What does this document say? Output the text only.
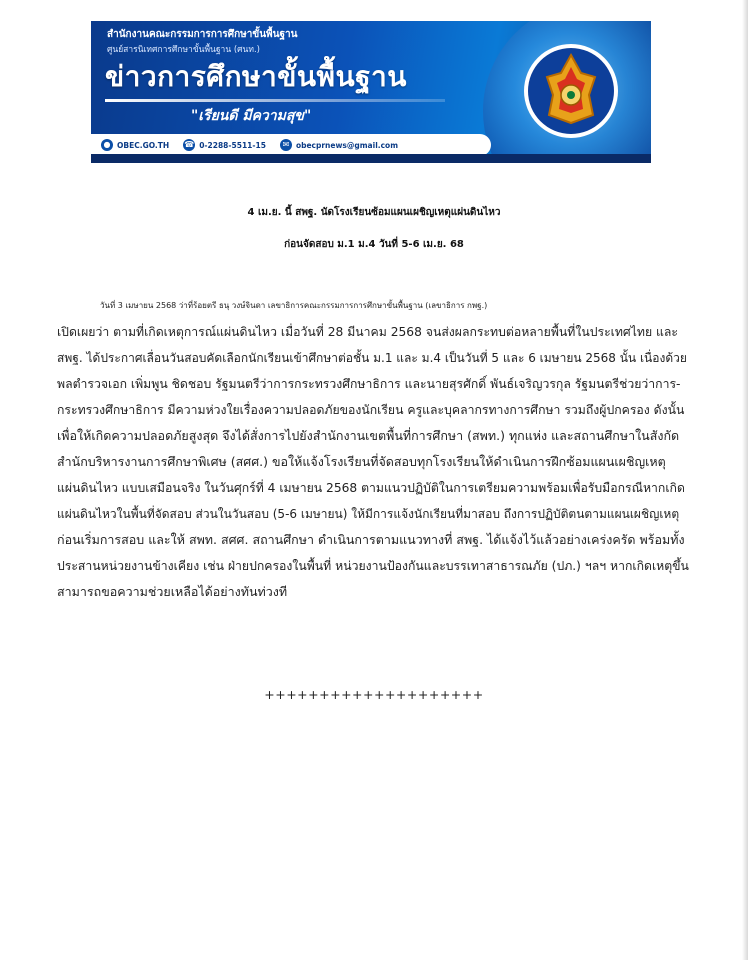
สำนักงานคณะกรรมการการศึกษาขั้นพื้นฐาน
ศูนย์สารนิเทศการศึกษาขั้นพื้นฐาน (ศนท.)
ข่าวการศึกษาขั้นพื้นฐาน
"เรียนดี มีความสุข"
● OBEC.GO.TH ☎ 0-2288-5511-15	✉ obecprnews@gmail.com
4 เม.ย. นี้ สพฐ. นัดโรงเรียนซ้อมแผนเผชิญเหตุแผ่นดินไหว
ก่อนจัดสอบ ม.1 ม.4 วันที่ 5-6 เม.ย. 68
วันที่ 3 เมษายน 2568 ว่าที่ร้อยตรี ธนุ วงษ์จินดา เลขาธิการคณะกรรมการการศึกษาขั้นพื้นฐาน (เลขาธิการ กพฐ.)
เปิดเผยว่า ตามที่เกิดเหตุการณ์แผ่นดินไหว เมื่อวันที่ 28 มีนาคม 2568 จนส่งผลกระทบต่อหลายพื้นที่ในประเทศไทย และ
สพฐ. ได้ประกาศเลื่อนวันสอบคัดเลือกนักเรียนเข้าศึกษาต่อชั้น ม.1 และ ม.4 เป็นวันที่ 5 และ 6 เมษายน 2568 นั้น เนื่องด้วย
พลตำรวจเอก เพิ่มพูน ชิดชอบ รัฐมนตรีว่าการกระทรวงศึกษาธิการ และนายสุรศักดิ์ พันธ์เจริญวรกุล รัฐมนตรีช่วยว่าการ-
กระทรวงศึกษาธิการ มีความห่วงใยเรื่องความปลอดภัยของนักเรียน ครูและบุคลากรทางการศึกษา รวมถึงผู้ปกครอง ดังนั้น
เพื่อให้เกิดความปลอดภัยสูงสุด จึงได้สั่งการไปยังสำนักงานเขตพื้นที่การศึกษา (สพท.) ทุกแห่ง และสถานศึกษาในสังกัด
สำนักบริหารงานการศึกษาพิเศษ (สศศ.) ขอให้แจ้งโรงเรียนที่จัดสอบทุกโรงเรียนให้ดำเนินการฝึกซ้อมแผนเผชิญเหตุ
แผ่นดินไหว แบบเสมือนจริง ในวันศุกร์ที่ 4 เมษายน 2568 ตามแนวปฏิบัติในการเตรียมความพร้อมเพื่อรับมือกรณีหากเกิด
แผ่นดินไหวในพื้นที่จัดสอบ ส่วนในวันสอบ (5-6 เมษายน) ให้มีการแจ้งนักเรียนที่มาสอบ ถึงการปฏิบัติตนตามแผนเผชิญเหตุ
ก่อนเริ่มการสอบ และให้ สพท. สศศ. สถานศึกษา ดำเนินการตามแนวทางที่ สพฐ. ได้แจ้งไว้แล้วอย่างเคร่งครัด พร้อมทั้ง
ประสานหน่วยงานข้างเคียง เช่น ฝ่ายปกครองในพื้นที่ หน่วยงานป้องกันและบรรเทาสาธารณภัย (ปภ.) ฯลฯ หากเกิดเหตุขึ้น
สามารถขอความช่วยเหลือได้อย่างทันท่วงที
++++++++++++++++++++
